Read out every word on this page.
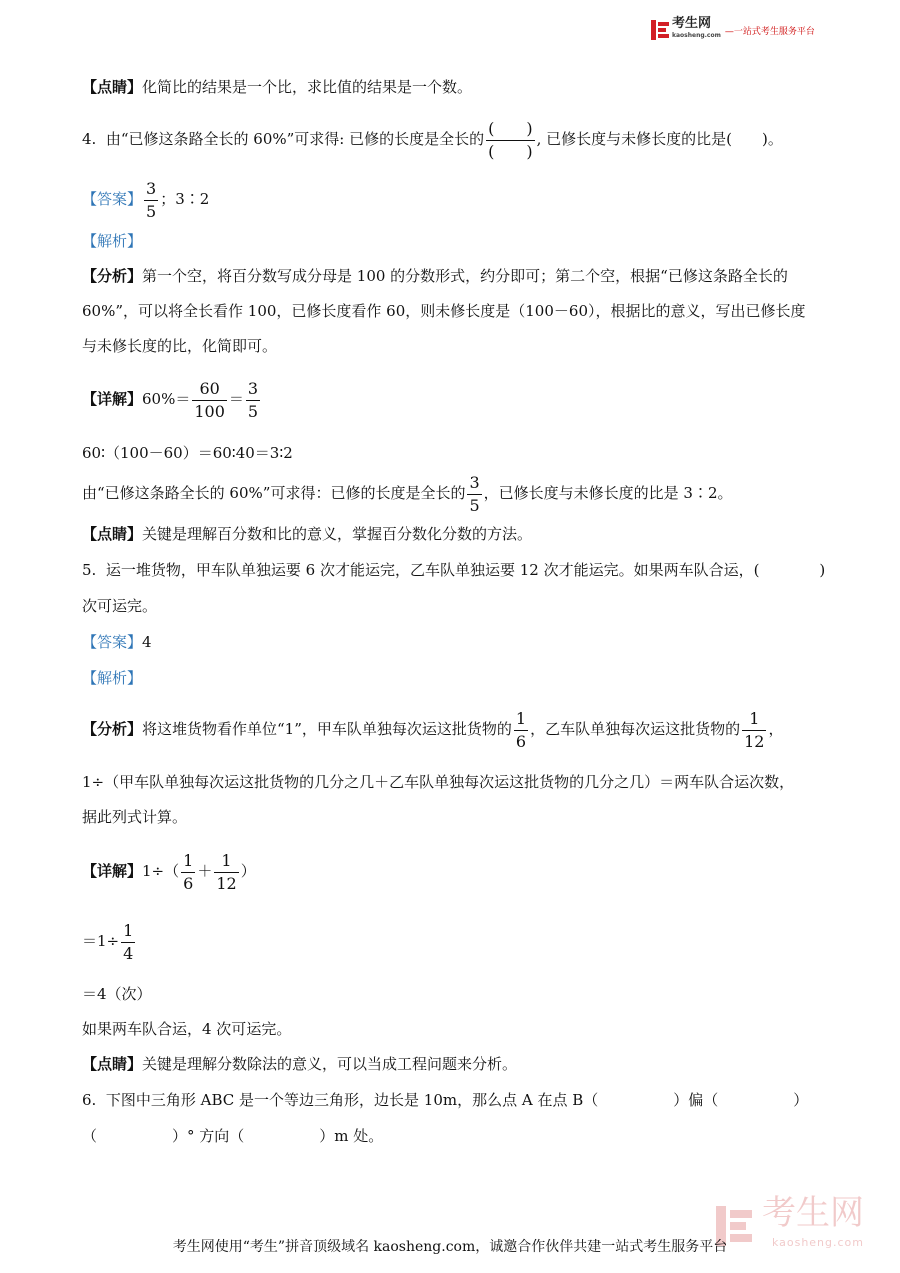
考生网
kaosheng.com —一站式考生服务平台
【点睛】化简比的结果是一个比，求比值的结果是一个数。
4. 由“已修这条路全长的 60%”可求得: 已修的长度是全长的 $\frac{( )}{( )}$ , 已修长度与未修长度的比是(　　)。
【答案】 $\frac{3}{5}$ ；3∶2
【解析】
【分析】第一个空，将百分数写成分母是 100 的分数形式，约分即可；第二个空，根据“已修这条路全长的
60%”，可以将全长看作 100，已修长度看作 60，则未修长度是（100－60），根据比的意义，写出已修长度
与未修长度的比，化简即可。
【详解】$60\%= \frac{60}{100} = \frac{3}{5}$
60∶（100－60）＝60∶40＝3∶2
由“已修这条路全长的 60%”可求得：已修的长度是全长的 $\frac{3}{5}$ ，已修长度与未修长度的比是 3∶2。
【点睛】关键是理解百分数和比的意义，掌握百分数化分数的方法。
5. 运一堆货物，甲车队单独运要 6 次才能运完，乙车队单独运要 12 次才能运完。如果两车队合运，(　　　　)
次可运完。
【答案】4
【解析】
【分析】将这堆货物看作单位“1”，甲车队单独每次运这批货物的 $\frac{1}{6}$ ，乙车队单独每次运这批货物的 $\frac{1}{12}$ ，
1÷（甲车队单独每次运这批货物的几分之几＋乙车队单独每次运这批货物的几分之几）＝两车队合运次数，
据此列式计算。
【详解】$1\div( \frac{1}{6} + \frac{1}{12}$ ）
$=1\div \frac{1}{4}$
＝4（次）
如果两车队合运，4 次可运完。
【点睛】关键是理解分数除法的意义，可以当成工程问题来分析。
6. 下图中三角形 ABC 是一个等边三角形，边长是 10m，那么点 A 在点 B（　　　　　）偏（　　　　　）
（　　　　　）° 方向（　　　　　）m 处。
考生网
kaosheng.com
考生网使用“考生”拼音顶级域名 kaosheng.com，诚邀合作伙伴共建一站式考生服务平台
